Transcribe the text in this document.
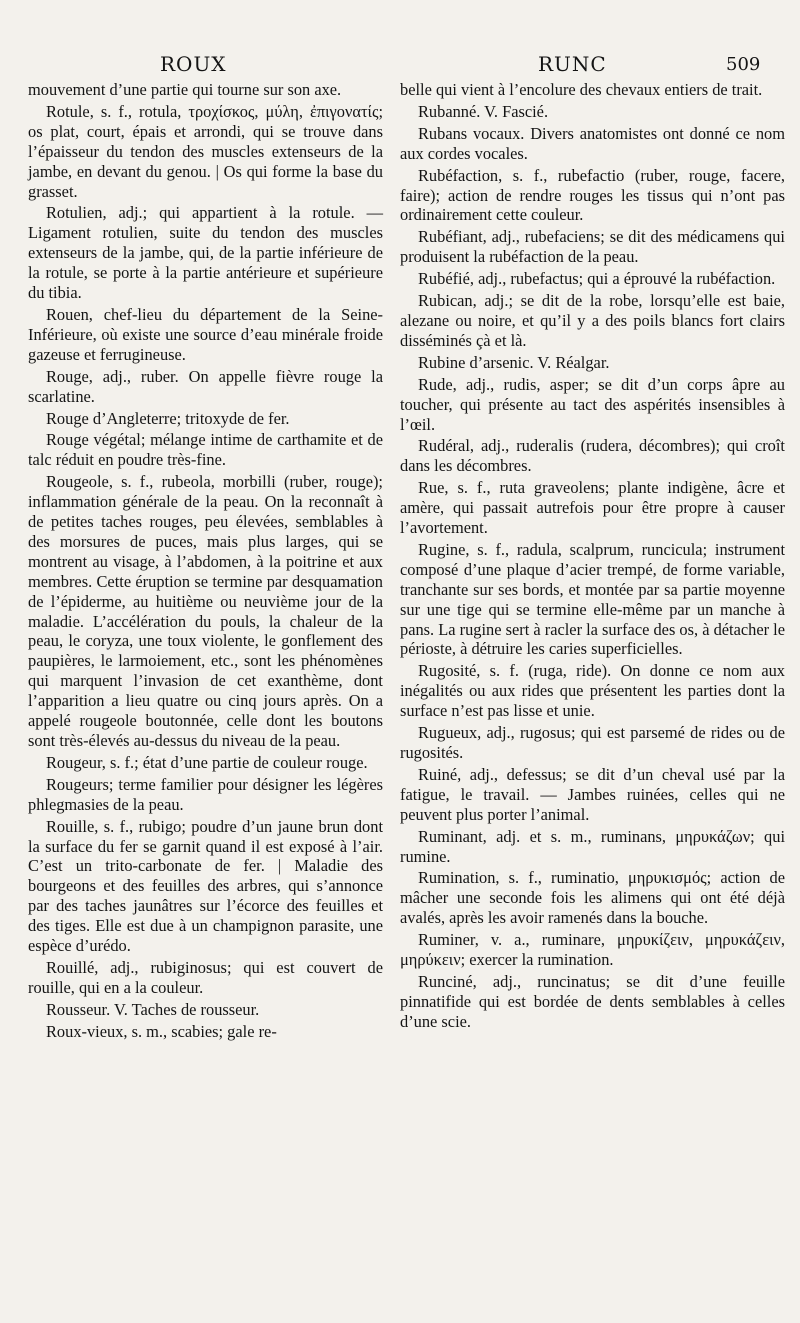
ROUX	RUNC	509

mouvement d’une partie qui tourne sur son axe.

Rotule, s. f., rotula, τροχίσκος, μύλη, ἐπιγονατίς; os plat, court, épais et arrondi, qui se trouve dans l’épaisseur du tendon des muscles extenseurs de la jambe, en devant du genou. | Os qui forme la base du grasset.

Rotulien, adj.; qui appartient à la rotule. — Ligament rotulien, suite du tendon des muscles extenseurs de la jambe, qui, de la partie inférieure de la rotule, se porte à la partie antérieure et supérieure du tibia.

Rouen, chef-lieu du département de la Seine-Inférieure, où existe une source d’eau minérale froide gazeuse et ferrugineuse.

Rouge, adj., ruber. On appelle fièvre rouge la scarlatine.

Rouge d’Angleterre; tritoxyde de fer.

Rouge végétal; mélange intime de carthamite et de talc réduit en poudre très-fine.

Rougeole, s. f., rubeola, morbilli (ruber, rouge); inflammation générale de la peau. On la reconnaît à de petites taches rouges, peu élevées, semblables à des morsures de puces, mais plus larges, qui se montrent au visage, à l’abdomen, à la poitrine et aux membres. Cette éruption se termine par desquamation de l’épiderme, au huitième ou neuvième jour de la maladie. L’accélération du pouls, la chaleur de la peau, le coryza, une toux violente, le gonflement des paupières, le larmoiement, etc., sont les phénomènes qui marquent l’invasion de cet exanthème, dont l’apparition a lieu quatre ou cinq jours après. On a appelé rougeole boutonnée, celle dont les boutons sont très-élevés au-dessus du niveau de la peau.

Rougeur, s. f.; état d’une partie de couleur rouge.

Rougeurs; terme familier pour désigner les légères phlegmasies de la peau.

Rouille, s. f., rubigo; poudre d’un jaune brun dont la surface du fer se garnit quand il est exposé à l’air. C’est un trito-carbonate de fer. | Maladie des bourgeons et des feuilles des arbres, qui s’annonce par des taches jaunâtres sur l’écorce des feuilles et des tiges. Elle est due à un champignon parasite, une espèce d’urédo.

Rouillé, adj., rubiginosus; qui est couvert de rouille, qui en a la couleur.

Rousseur. V. Taches de rousseur.

Roux-vieux, s. m., scabies; gale re-

belle qui vient à l’encolure des chevaux entiers de trait.

Rubanné. V. Fascié.

Rubans vocaux. Divers anatomistes ont donné ce nom aux cordes vocales.

Rubéfaction, s. f., rubefactio (ruber, rouge, facere, faire); action de rendre rouges les tissus qui n’ont pas ordinairement cette couleur.

Rubéfiant, adj., rubefaciens; se dit des médicamens qui produisent la rubéfaction de la peau.

Rubéfié, adj., rubefactus; qui a éprouvé la rubéfaction.

Rubican, adj.; se dit de la robe, lorsqu’elle est baie, alezane ou noire, et qu’il y a des poils blancs fort clairs disséminés çà et là.

Rubine d’arsenic. V. Réalgar.

Rude, adj., rudis, asper; se dit d’un corps âpre au toucher, qui présente au tact des aspérités insensibles à l’œil.

Rudéral, adj., ruderalis (rudera, décombres); qui croît dans les décombres.

Rue, s. f., ruta graveolens; plante indigène, âcre et amère, qui passait autrefois pour être propre à causer l’avortement.

Rugine, s. f., radula, scalprum, runcicula; instrument composé d’une plaque d’acier trempé, de forme variable, tranchante sur ses bords, et montée par sa partie moyenne sur une tige qui se termine elle-même par un manche à pans. La rugine sert à racler la surface des os, à détacher le périoste, à détruire les caries superficielles.

Rugosité, s. f. (ruga, ride). On donne ce nom aux inégalités ou aux rides que présentent les parties dont la surface n’est pas lisse et unie.

Rugueux, adj., rugosus; qui est parsemé de rides ou de rugosités.

Ruiné, adj., defessus; se dit d’un cheval usé par la fatigue, le travail. — Jambes ruinées, celles qui ne peuvent plus porter l’animal.

Ruminant, adj. et s. m., ruminans, μηρυκάζων; qui rumine.

Rumination, s. f., ruminatio, μηρυκισμός; action de mâcher une seconde fois les alimens qui ont été déjà avalés, après les avoir ramenés dans la bouche.

Ruminer, v. a., ruminare, μηρυκίζειν, μηρυκάζειν, μηρύκειν; exercer la rumination.

Runciné, adj., runcinatus; se dit d’une feuille pinnatifide qui est bordée de dents semblables à celles d’une scie.
